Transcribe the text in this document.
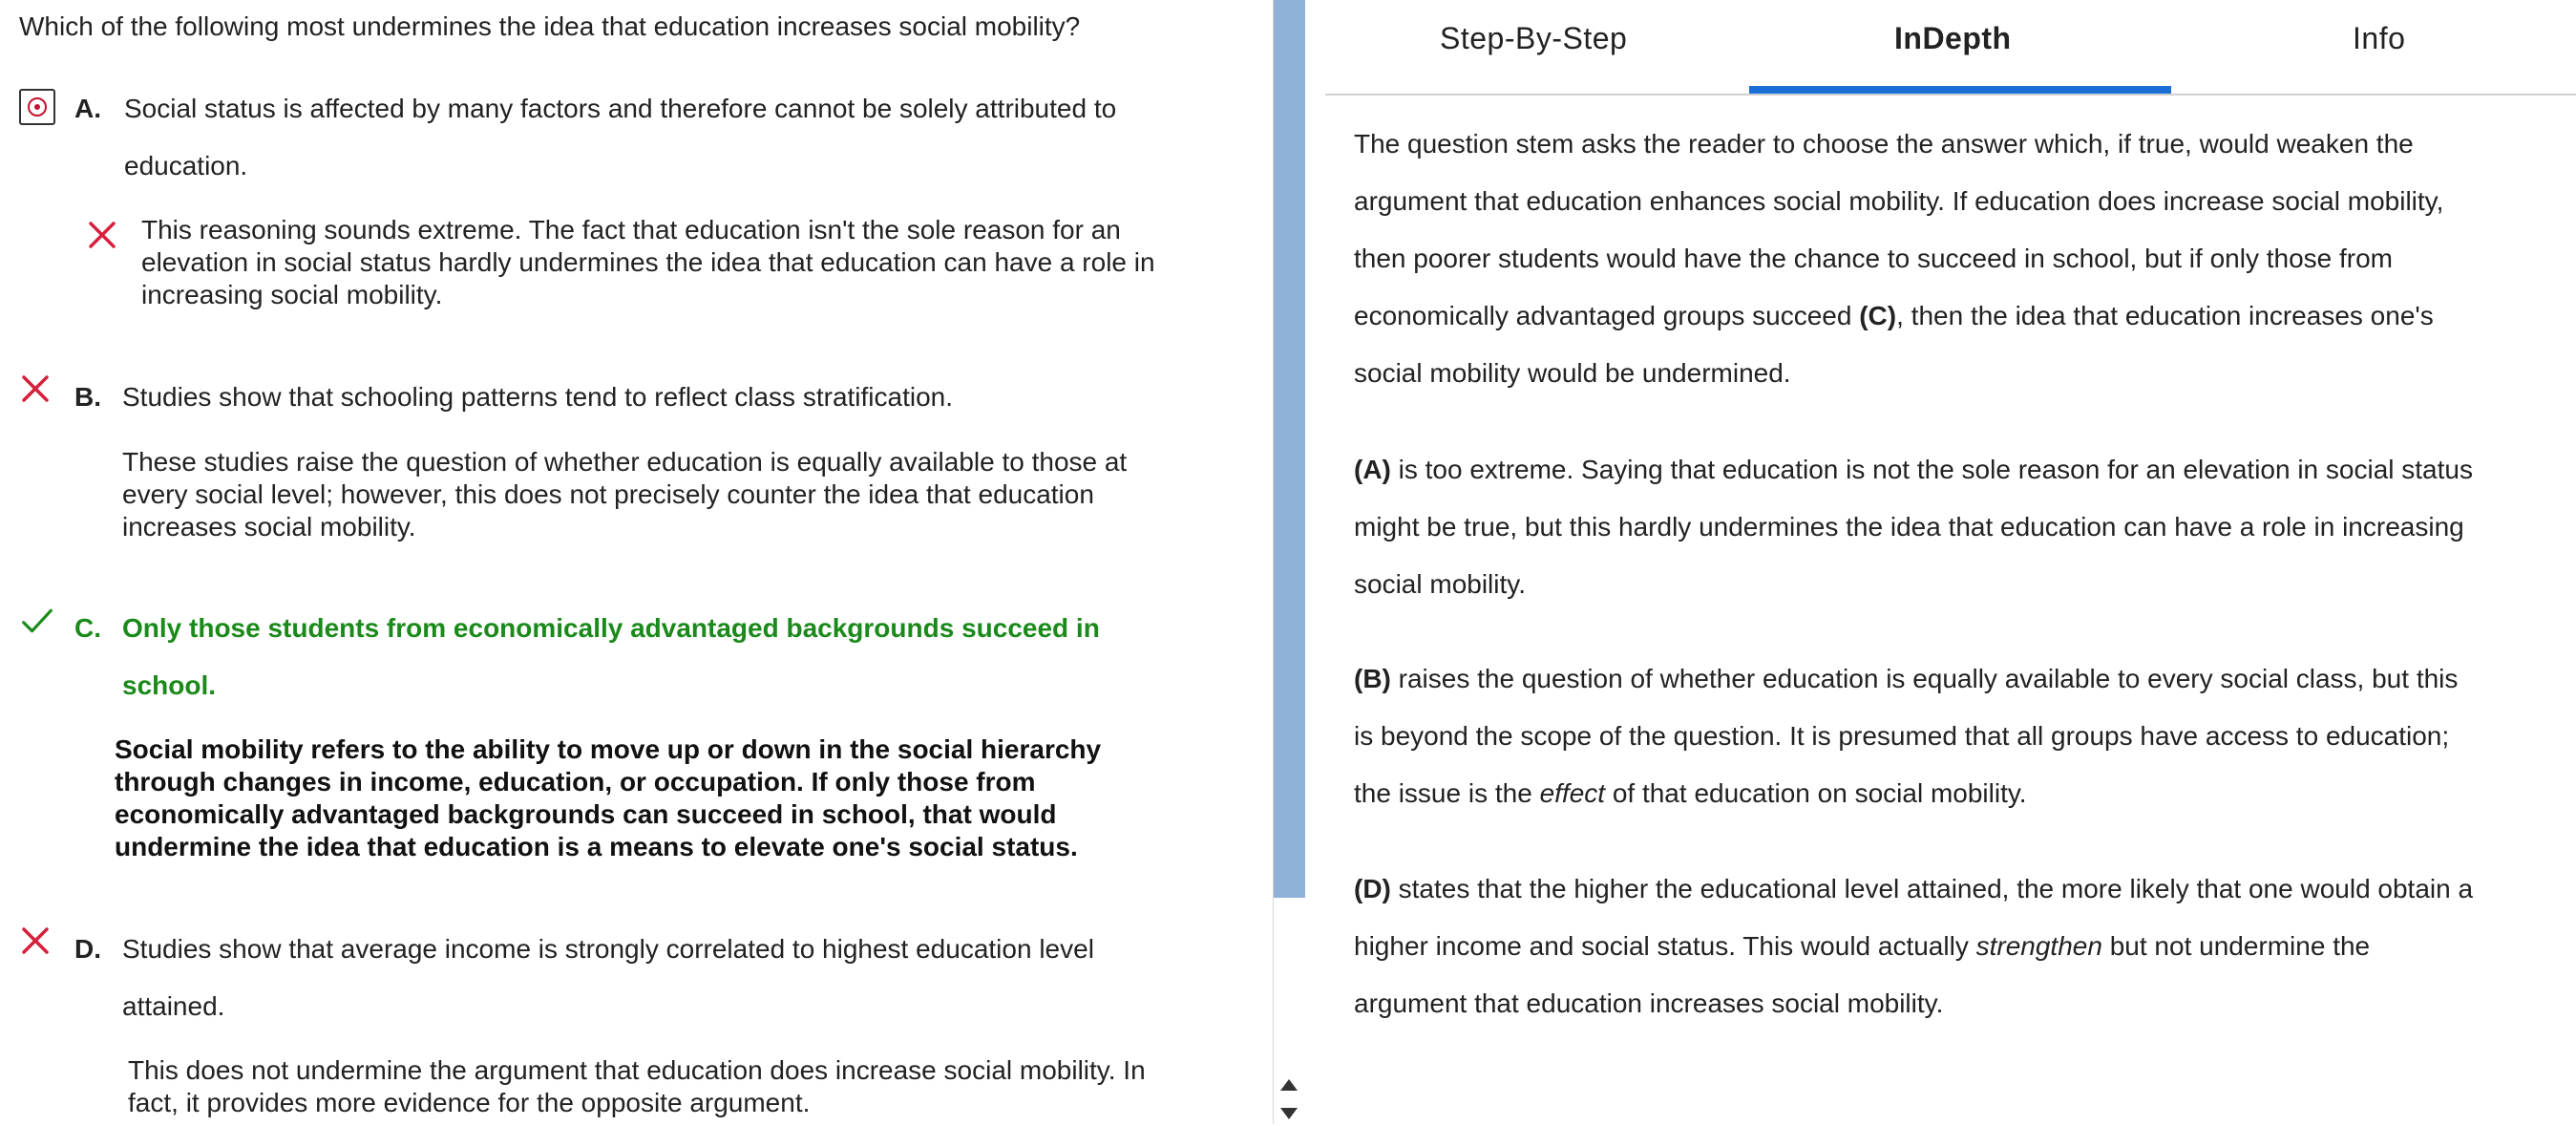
Which of the following most undermines the idea that education increases social mobility?
A. Social status is affected by many factors and therefore cannot be solely attributed to
education.
This reasoning sounds extreme. The fact that education isn't the sole reason for an
elevation in social status hardly undermines the idea that education can have a role in
increasing social mobility.
B. Studies show that schooling patterns tend to reflect class stratification.
These studies raise the question of whether education is equally available to those at
every social level; however, this does not precisely counter the idea that education
increases social mobility.
C. Only those students from economically advantaged backgrounds succeed in
school.
Social mobility refers to the ability to move up or down in the social hierarchy
through changes in income, education, or occupation. If only those from
economically advantaged backgrounds can succeed in school, that would
undermine the idea that education is a means to elevate one's social status.
D. Studies show that average income is strongly correlated to highest education level
attained.
This does not undermine the argument that education does increase social mobility. In
fact, it provides more evidence for the opposite argument.
Step-By-Step	InDepth	Info
The question stem asks the reader to choose the answer which, if true, would weaken the
argument that education enhances social mobility. If education does increase social mobility,
then poorer students would have the chance to succeed in school, but if only those from
economically advantaged groups succeed (C), then the idea that education increases one's
social mobility would be undermined.
(A) is too extreme. Saying that education is not the sole reason for an elevation in social status
might be true, but this hardly undermines the idea that education can have a role in increasing
social mobility.
(B) raises the question of whether education is equally available to every social class, but this
is beyond the scope of the question. It is presumed that all groups have access to education;
the issue is the effect of that education on social mobility.
(D) states that the higher the educational level attained, the more likely that one would obtain a
higher income and social status. This would actually strengthen but not undermine the
argument that education increases social mobility.
